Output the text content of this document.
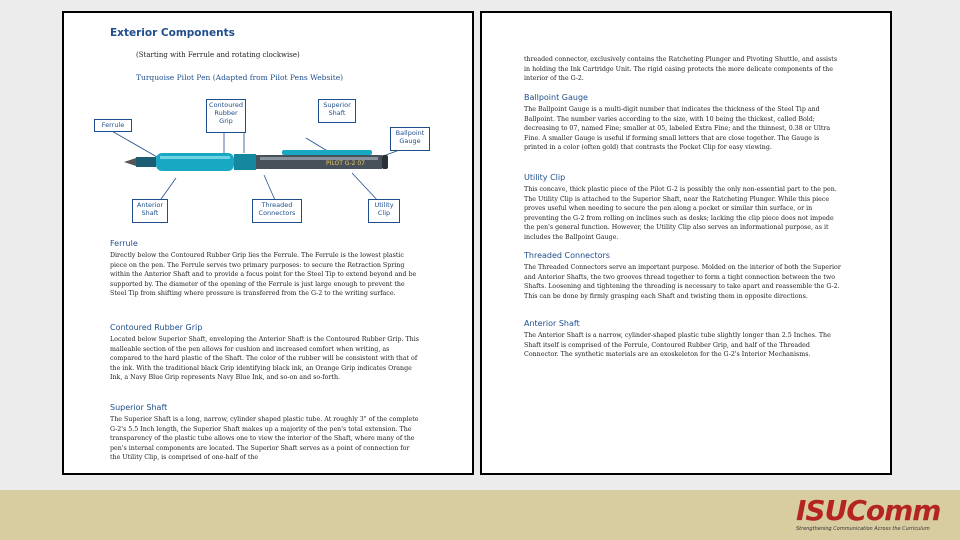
Exterior Components
(Starting with Ferrule and rotating clockwise)
Turquoise Pilot Pen (Adapted from Pilot Pens Website)
PILOT G-2 07
Ferrule
Contoured
Rubber
Grip
Superior
Shaft
Ballpoint
Gauge
Anterior
Shaft
Threaded
Connectors
Utility
Clip
Ferrule
Directly below the Contoured Rubber Grip lies the Ferrule. The Ferrule is the lowest plastic piece on the pen. The Ferrule serves two primary purposes: to secure the Retraction Spring within the Anterior Shaft and to provide a focus point for the Steel Tip to extend beyond and be supported by. The diameter of the opening of the Ferrule is just large enough to prevent the Steel Tip from shifting where pressure is transferred from the G-2 to the writing surface.
Contoured Rubber Grip
Located below Superior Shaft, enveloping the Anterior Shaft is the Contoured Rubber Grip. This malleable section of the pen allows for cushion and increased comfort when writing, as compared to the hard plastic of the Shaft. The color of the rubber will be consistent with that of the ink. With the traditional black Grip identifying black ink, an Orange Grip indicates Orange Ink, a Navy Blue Grip represents Navy Blue Ink, and so-on and so-forth.
Superior Shaft
The Superior Shaft is a long, narrow, cylinder shaped plastic tube. At roughly 3" of the complete G-2's 5.5 Inch length, the Superior Shaft makes up a majority of the pen's total extension. The transparency of the plastic tube allows one to view the interior of the Shaft, where many of the pen's internal components are located. The Superior Shaft serves as a point of connection for the Utility Clip, is comprised of one-half of the
threaded connector, exclusively contains the Ratcheting Plunger and Pivoting Shuttle, and assists in holding the Ink Cartridge Unit. The rigid casing protects the more delicate components of the interior of the G-2.
Ballpoint Gauge
The Ballpoint Gauge is a multi-digit number that indicates the thickness of the Steel Tip and Ballpoint. The number varies according to the size, with 10 being the thickest, called Bold; decreasing to 07, named Fine; smaller at 05, labeled Extra Fine; and the thinnest, 0.38 or Ultra Fine. A smaller Gauge is useful if forming small letters that are close together. The Gauge is printed in a color (often gold) that contrasts the Pocket Clip for easy viewing.
Utility Clip
This concave, thick plastic piece of the Pilot G-2 is possibly the only non-essential part to the pen. The Utility Clip is attached to the Superior Shaft, near the Ratcheting Plunger. While this piece proves useful when needing to secure the pen along a pocket or similar thin surface, or in preventing the G-2 from rolling on inclines such as desks; lacking the clip piece does not impede the pen's general function. However, the Utility Clip also serves an informational purpose, as it includes the Ballpoint Gauge.
Threaded Connectors
The Threaded Connectors serve an important purpose. Molded on the interior of both the Superior and Anterior Shafts, the two grooves thread together to form a tight connection between the two Shafts. Loosening and tightening the threading is necessary to take apart and reassemble the G-2. This can be done by firmly grasping each Shaft and twisting them in opposite directions.
Anterior Shaft
The Anterior Shaft is a narrow, cylinder-shaped plastic tube slightly longer than 2.5 Inches. The Shaft itself is comprised of the Ferrule, Contoured Rubber Grip, and half of the Threaded Connector. The synthetic materials are an exoskeleton for the G-2's Interior Mechanisms.
ISUComm
Strengthening Communication Across the Curriculum
